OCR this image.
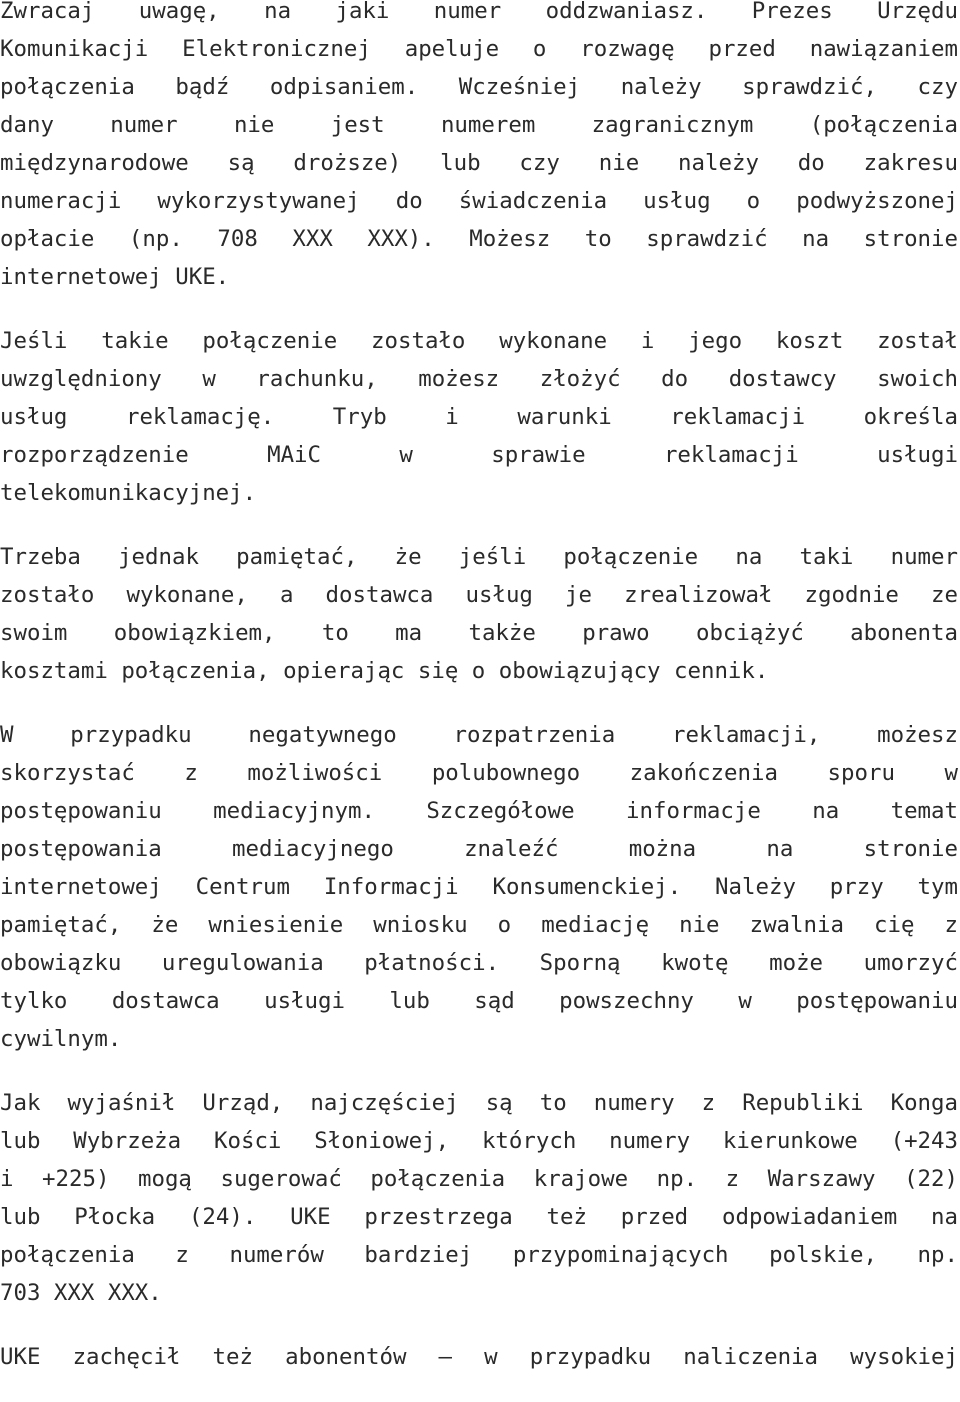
Zwracaj uwagę, na jaki numer oddzwaniasz. Prezes Urzędu
Komunikacji Elektronicznej apeluje o rozwagę przed nawiązaniem
połączenia bądź odpisaniem. Wcześniej należy sprawdzić, czy
dany numer nie jest numerem zagranicznym (połączenia
międzynarodowe są droższe) lub czy nie należy do zakresu
numeracji wykorzystywanej do świadczenia usług o podwyższonej
opłacie (np. 708 XXX XXX). Możesz to sprawdzić na stronie
internetowej UKE.
Jeśli takie połączenie zostało wykonane i jego koszt został
uwzględniony w rachunku, możesz złożyć do dostawcy swoich
usług reklamację. Tryb i warunki reklamacji określa
rozporządzenie MAiC w sprawie reklamacji usługi
telekomunikacyjnej.
Trzeba jednak pamiętać, że jeśli połączenie na taki numer
zostało wykonane, a dostawca usług je zrealizował zgodnie ze
swoim obowiązkiem, to ma także prawo obciążyć abonenta
kosztami połączenia, opierając się o obowiązujący cennik.
W przypadku negatywnego rozpatrzenia reklamacji, możesz
skorzystać z możliwości polubownego zakończenia sporu w
postępowaniu mediacyjnym. Szczegółowe informacje na temat
postępowania mediacyjnego znaleźć można na stronie
internetowej Centrum Informacji Konsumenckiej. Należy przy tym
pamiętać, że wniesienie wniosku o mediację nie zwalnia cię z
obowiązku uregulowania płatności. Sporną kwotę może umorzyć
tylko dostawca usługi lub sąd powszechny w postępowaniu
cywilnym.
Jak wyjaśnił Urząd, najczęściej są to numery z Republiki Konga
lub Wybrzeża Kości Słoniowej, których numery kierunkowe (+243
i +225) mogą sugerować połączenia krajowe np. z Warszawy (22)
lub Płocka (24). UKE przestrzega też przed odpowiadaniem na
połączenia z numerów bardziej przypominających polskie, np.
703 XXX XXX.
UKE zachęcił też abonentów – w przypadku naliczenia wysokiej
